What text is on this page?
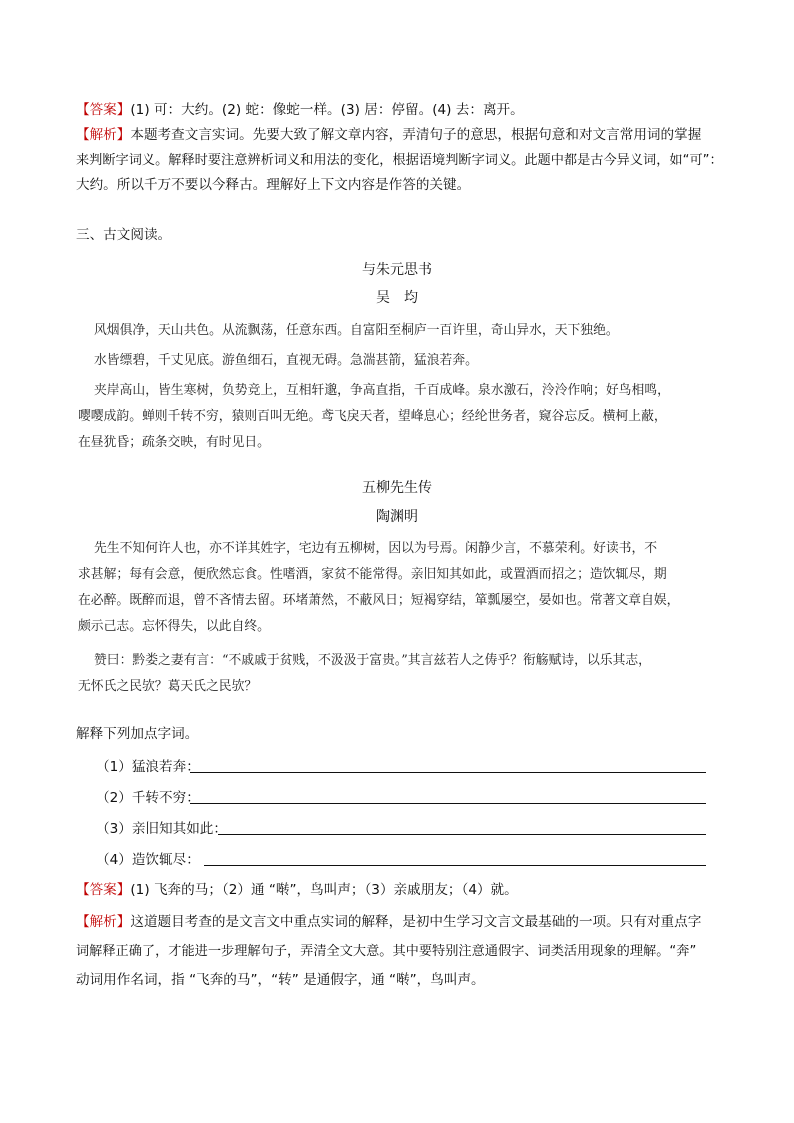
【答案】(1) 可：大约。(2) 蛇：像蛇一样。(3) 居：停留。(4) 去：离开。
【解析】本题考查文言实词。先要大致了解文章内容，弄清句子的意思，根据句意和对文言常用词的掌握
来判断字词义。解释时要注意辨析词义和用法的变化，根据语境判断字词义。此题中都是古今异义词，如“可”：
大约。所以千万不要以今释古。理解好上下文内容是作答的关键。
三、古文阅读。
与朱元思书
吴　均
风烟俱净，天山共色。从流飘荡，任意东西。自富阳至桐庐一百许里，奇山异水，天下独绝。
水皆缥碧，千丈见底。游鱼细石，直视无碍。急湍甚箭，猛浪若奔。
夹岸高山，皆生寒树，负势竞上，互相轩邈，争高直指，千百成峰。泉水激石，泠泠作响；好鸟相鸣，
嘤嘤成韵。蝉则千转不穷，猿则百叫无绝。鸢飞戾天者，望峰息心；经纶世务者，窥谷忘反。横柯上蔽，
在昼犹昏；疏条交映，有时见日。
五柳先生传
陶渊明
先生不知何许人也，亦不详其姓字，宅边有五柳树，因以为号焉。闲静少言，不慕荣利。好读书，不
求甚解；每有会意，便欣然忘食。性嗜酒，家贫不能常得。亲旧知其如此，或置酒而招之；造饮辄尽，期
在必醉。既醉而退，曾不吝情去留。环堵萧然，不蔽风日；短褐穿结，箪瓢屡空，晏如也。常著文章自娱，
颇示己志。忘怀得失，以此自终。
赞曰：黔娄之妻有言：“不戚戚于贫贱，不汲汲于富贵。”其言兹若人之俦乎？衔觞赋诗，以乐其志，
无怀氏之民欤？葛天氏之民欤？
解释下列加点字词。
（1）猛浪若奔：
（2）千转不穷：
（3）亲旧知其如此：
（4）造饮辄尽：
【答案】(1) 飞奔的马；（2）通 “啭”，鸟叫声；（3）亲戚朋友；（4）就。
【解析】这道题目考查的是文言文中重点实词的解释，是初中生学习文言文最基础的一项。只有对重点字
词解释正确了，才能进一步理解句子，弄清全文大意。其中要特别注意通假字、词类活用现象的理解。“奔”
动词用作名词，指 “飞奔的马”，“转” 是通假字，通 “啭”，鸟叫声。
